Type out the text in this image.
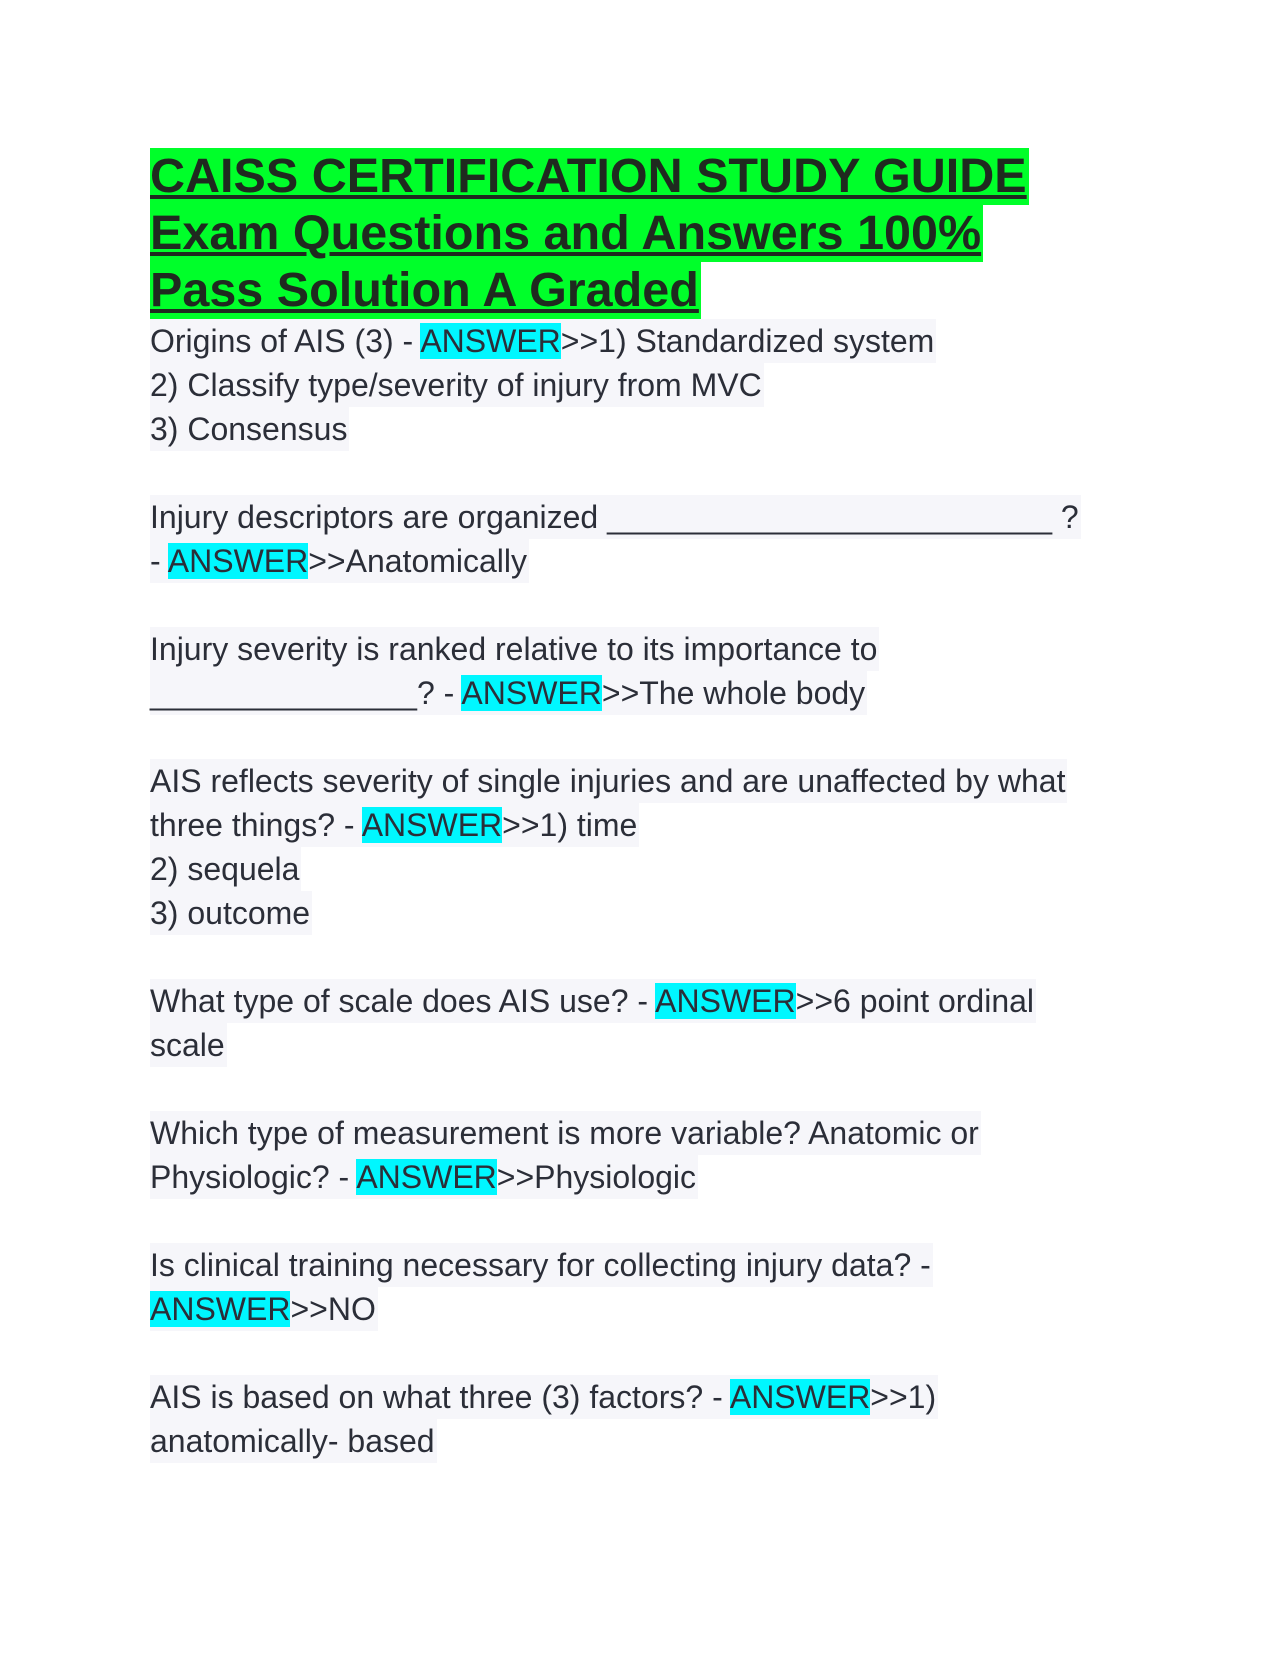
CAISS CERTIFICATION STUDY GUIDE
Exam Questions and Answers 100%
Pass Solution A Graded
Origins of AIS (3) - ANSWER>>1) Standardized system
2) Classify type/severity of injury from MVC
3) Consensus
Injury descriptors are organized _________________________ ?
- ANSWER>>Anatomically
Injury severity is ranked relative to its importance to
_______________? - ANSWER>>The whole body
AIS reflects severity of single injuries and are unaffected by what
three things? - ANSWER>>1) time
2) sequela
3) outcome
What type of scale does AIS use? - ANSWER>>6 point ordinal
scale
Which type of measurement is more variable? Anatomic or
Physiologic? - ANSWER>>Physiologic
Is clinical training necessary for collecting injury data? -
ANSWER>>NO
AIS is based on what three (3) factors? - ANSWER>>1)
anatomically- based
